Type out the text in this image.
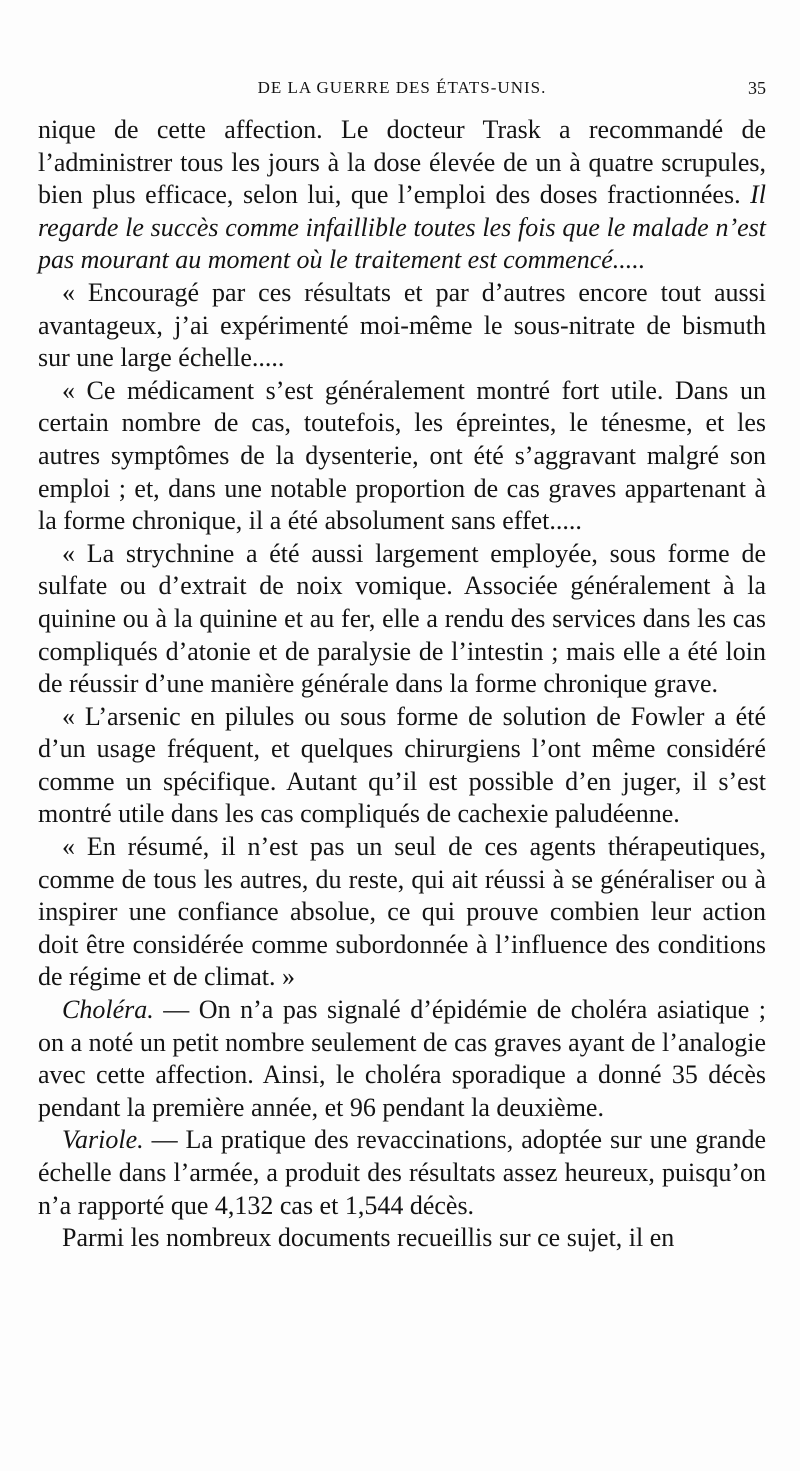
DE LA GUERRE DES ÉTATS-UNIS.	35

nique de cette affection. Le docteur Trask a recommandé de l’administrer tous les jours à la dose élevée de un à quatre scrupules, bien plus efficace, selon lui, que l’emploi des doses fractionnées. Il regarde le succès comme infaillible toutes les fois que le malade n’est pas mourant au moment où le traitement est commencé.....

« Encouragé par ces résultats et par d’autres encore tout aussi avantageux, j’ai expérimenté moi-même le sous-nitrate de bismuth sur une large échelle.....

« Ce médicament s’est généralement montré fort utile. Dans un certain nombre de cas, toutefois, les épreintes, le ténesme, et les autres symptômes de la dysenterie, ont été s’aggravant malgré son emploi ; et, dans une notable proportion de cas graves appartenant à la forme chronique, il a été absolument sans effet.....

« La strychnine a été aussi largement employée, sous forme de sulfate ou d’extrait de noix vomique. Associée généralement à la quinine ou à la quinine et au fer, elle a rendu des services dans les cas compliqués d’atonie et de paralysie de l’intestin ; mais elle a été loin de réussir d’une manière générale dans la forme chronique grave.

« L’arsenic en pilules ou sous forme de solution de Fowler a été d’un usage fréquent, et quelques chirurgiens l’ont même considéré comme un spécifique. Autant qu’il est possible d’en juger, il s’est montré utile dans les cas compliqués de cachexie paludéenne.

« En résumé, il n’est pas un seul de ces agents thérapeutiques, comme de tous les autres, du reste, qui ait réussi à se généraliser ou à inspirer une confiance absolue, ce qui prouve combien leur action doit être considérée comme subordonnée à l’influence des conditions de régime et de climat. »

Choléra. — On n’a pas signalé d’épidémie de choléra asiatique ; on a noté un petit nombre seulement de cas graves ayant de l’analogie avec cette affection. Ainsi, le choléra sporadique a donné 35 décès pendant la première année, et 96 pendant la deuxième.

Variole. — La pratique des revaccinations, adoptée sur une grande échelle dans l’armée, a produit des résultats assez heureux, puisqu’on n’a rapporté que 4,132 cas et 1,544 décès.

Parmi les nombreux documents recueillis sur ce sujet, il en
